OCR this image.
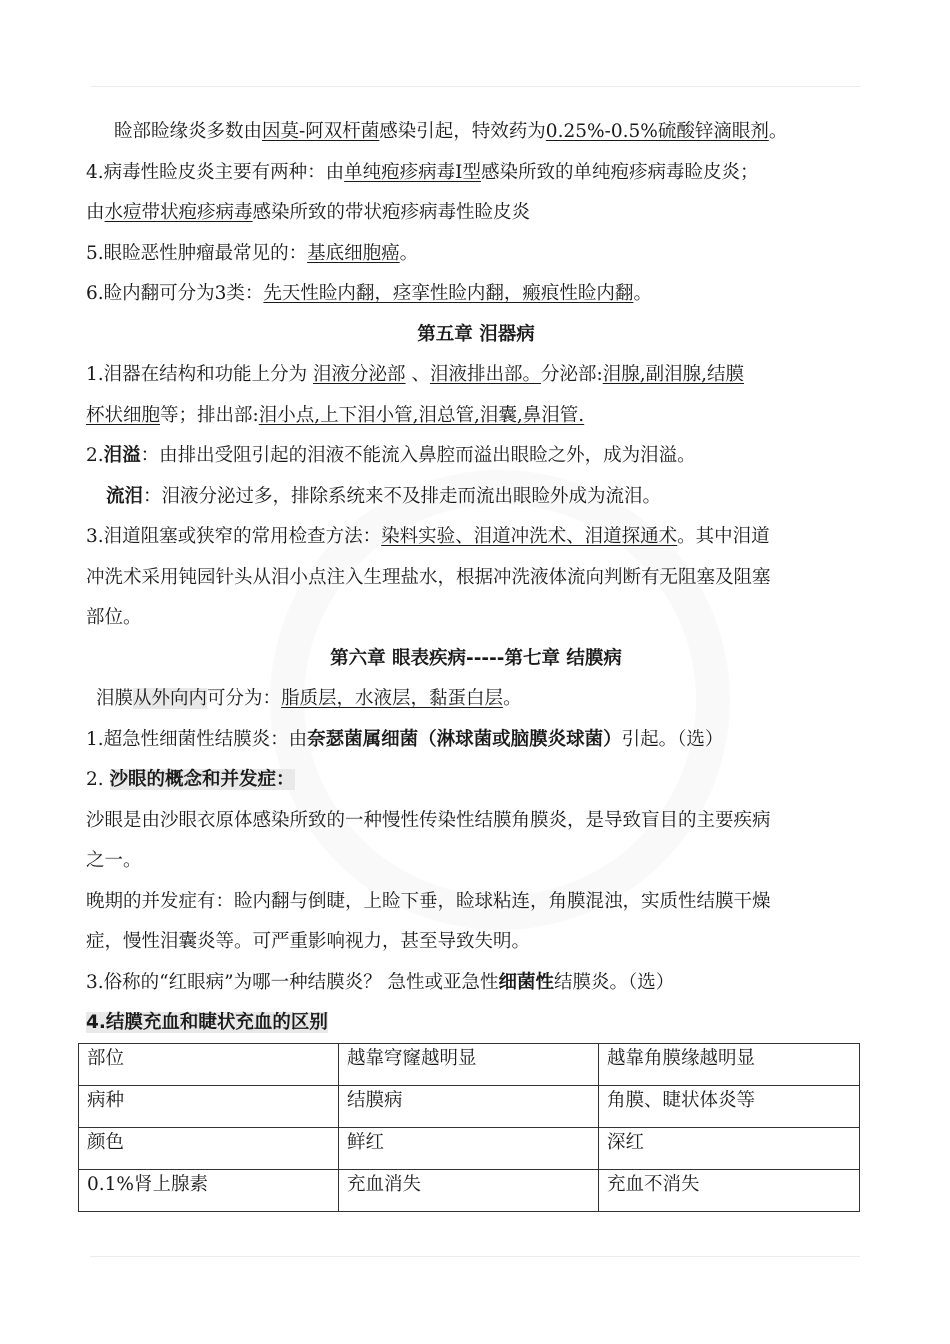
睑部睑缘炎多数由因莫-阿双杆菌感染引起，特效药为0.25%-0.5%硫酸锌滴眼剂。
4.病毒性睑皮炎主要有两种：由单纯疱疹病毒Ⅰ型感染所致的单纯疱疹病毒睑皮炎；
由水痘带状疱疹病毒感染所致的带状疱疹病毒性睑皮炎
5.眼睑恶性肿瘤最常见的：基底细胞癌。
6.睑内翻可分为3类：先天性睑内翻，痉挛性睑内翻，瘢痕性睑内翻。
第五章 泪器病
1.泪器在结构和功能上分为 泪液分泌部 、泪液排出部。分泌部:泪腺,副泪腺,结膜
杯状细胞等；排出部:泪小点,上下泪小管,泪总管,泪囊,鼻泪管.
2.泪溢：由排出受阻引起的泪液不能流入鼻腔而溢出眼睑之外，成为泪溢。
流泪：泪液分泌过多，排除系统来不及排走而流出眼睑外成为流泪。
3.泪道阻塞或狭窄的常用检查方法：染料实验、泪道冲洗术、泪道探通术。其中泪道
冲洗术采用钝园针头从泪小点注入生理盐水，根据冲洗液体流向判断有无阻塞及阻塞
部位。
第六章 眼表疾病-----第七章 结膜病
泪膜从外向内可分为：脂质层，水液层，黏蛋白层。
1.超急性细菌性结膜炎：由奈瑟菌属细菌（淋球菌或脑膜炎球菌）引起。（选）
2. 沙眼的概念和并发症：
沙眼是由沙眼衣原体感染所致的一种慢性传染性结膜角膜炎，是导致盲目的主要疾病
之一。
晚期的并发症有：睑内翻与倒睫，上睑下垂，睑球粘连，角膜混浊，实质性结膜干燥
症，慢性泪囊炎等。可严重影响视力，甚至导致失明。
3.俗称的“红眼病”为哪一种结膜炎？ 急性或亚急性细菌性结膜炎。（选）
4.结膜充血和睫状充血的区别
部位	越靠穹窿越明显	越靠角膜缘越明显
病种	结膜病	角膜、睫状体炎等
颜色	鲜红	深红
0.1%肾上腺素	充血消失	充血不消失
